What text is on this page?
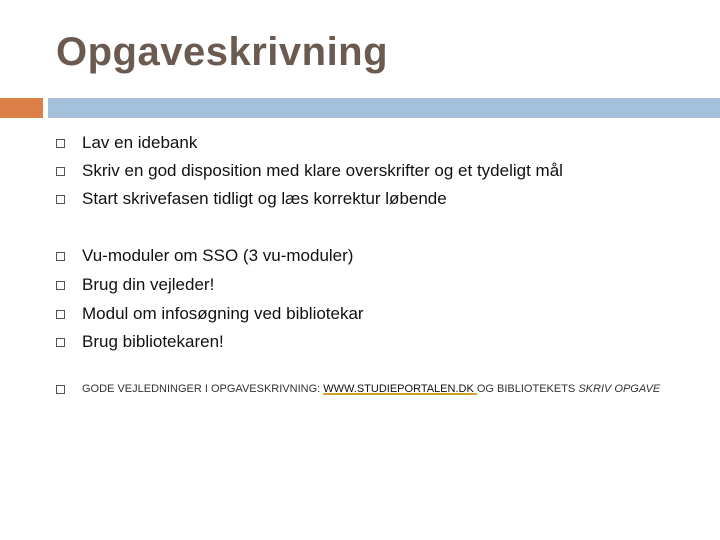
Opgaveskrivning
Lav en idebank
Skriv en god disposition med klare overskrifter og et tydeligt mål
Start skrivefasen tidligt og læs korrektur løbende
Vu-moduler om SSO (3 vu-moduler)
Brug din vejleder!
Modul om infosøgning ved bibliotekar
Brug bibliotekaren!
GODE VEJLEDNINGER I OPGAVESKRIVNING: WWW.STUDIEPORTALEN.DK OG BIBLIOTEKETS SKRIV OPGAVE
